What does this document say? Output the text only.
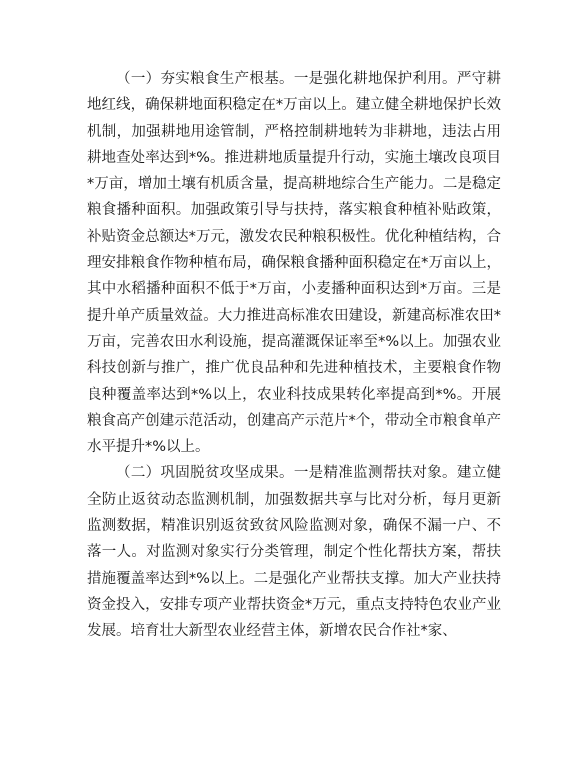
（一）夯实粮食生产根基。一是强化耕地保护利用。严守耕地红线，确保耕地面积稳定在*万亩以上。建立健全耕地保护长效机制，加强耕地用途管制，严格控制耕地转为非耕地，违法占用耕地查处率达到*%。推进耕地质量提升行动，实施土壤改良项目*万亩，增加土壤有机质含量，提高耕地综合生产能力。二是稳定粮食播种面积。加强政策引导与扶持，落实粮食种植补贴政策，补贴资金总额达*万元，激发农民种粮积极性。优化种植结构，合理安排粮食作物种植布局，确保粮食播种面积稳定在*万亩以上，其中水稻播种面积不低于*万亩，小麦播种面积达到*万亩。三是提升单产质量效益。大力推进高标准农田建设，新建高标准农田*万亩，完善农田水利设施，提高灌溉保证率至*%以上。加强农业科技创新与推广，推广优良品种和先进种植技术，主要粮食作物良种覆盖率达到*%以上，农业科技成果转化率提高到*%。开展粮食高产创建示范活动，创建高产示范片*个，带动全市粮食单产水平提升*%以上。

（二）巩固脱贫攻坚成果。一是精准监测帮扶对象。建立健全防止返贫动态监测机制，加强数据共享与比对分析，每月更新监测数据，精准识别返贫致贫风险监测对象，确保不漏一户、不落一人。对监测对象实行分类管理，制定个性化帮扶方案，帮扶措施覆盖率达到*%以上。二是强化产业帮扶支撑。加大产业扶持资金投入，安排专项产业帮扶资金*万元，重点支持特色农业产业发展。培育壮大新型农业经营主体，新增农民合作社*家、
